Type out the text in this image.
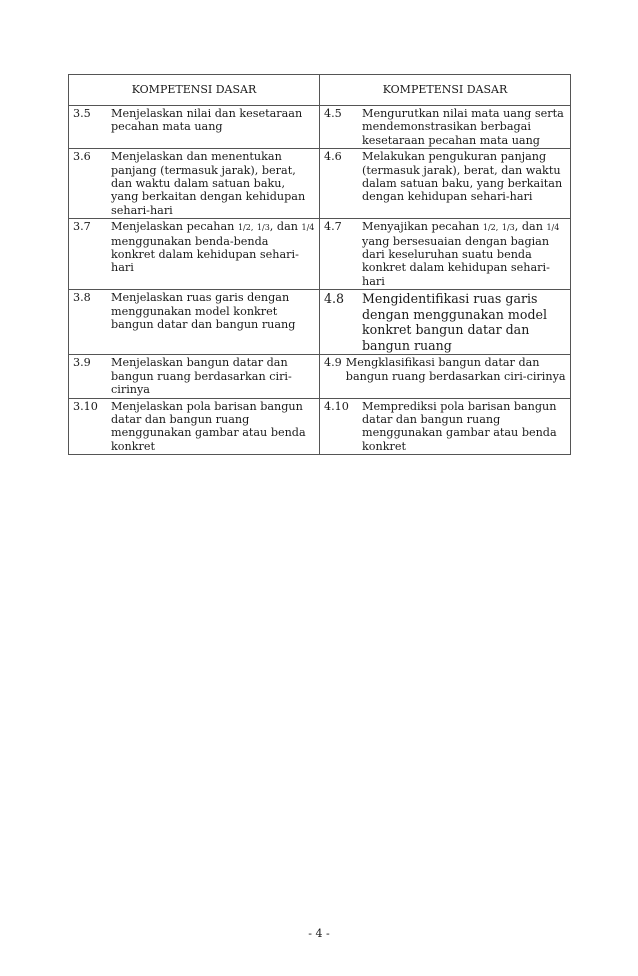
KOMPETENSI DASAR	KOMPETENSI DASAR

3.5 Menjelaskan nilai dan kesetaraan pecahan mata uang	4.5 Mengurutkan nilai mata uang serta mendemonstrasikan berbagai kesetaraan pecahan mata uang

3.6 Menjelaskan dan menentukan panjang (termasuk jarak), berat, dan waktu dalam satuan baku, yang berkaitan dengan kehidupan sehari-hari	4.6 Melakukan pengukuran panjang (termasuk jarak), berat, dan waktu dalam satuan baku, yang berkaitan dengan kehidupan sehari-hari

3.7 Menjelaskan pecahan 1/2, 1/3, dan 1/4 menggunakan benda-benda konkret dalam kehidupan sehari-hari	4.7 Menyajikan pecahan 1/2, 1/3, dan 1/4 yang bersesuaian dengan bagian dari keseluruhan suatu benda konkret dalam kehidupan sehari-hari

3.8 Menjelaskan ruas garis dengan menggunakan model konkret bangun datar dan bangun ruang	4.8 Mengidentifikasi ruas garis dengan menggunakan model konkret bangun datar dan bangun ruang

3.9 Menjelaskan bangun datar dan bangun ruang berdasarkan ciri-cirinya	4.9 Mengklasifikasi bangun datar dan bangun ruang berdasarkan ciri-cirinya

3.10 Menjelaskan pola barisan bangun datar dan bangun ruang menggunakan gambar atau benda konkret	4.10 Memprediksi pola barisan bangun datar dan bangun ruang menggunakan gambar atau benda konkret
- 4 -
